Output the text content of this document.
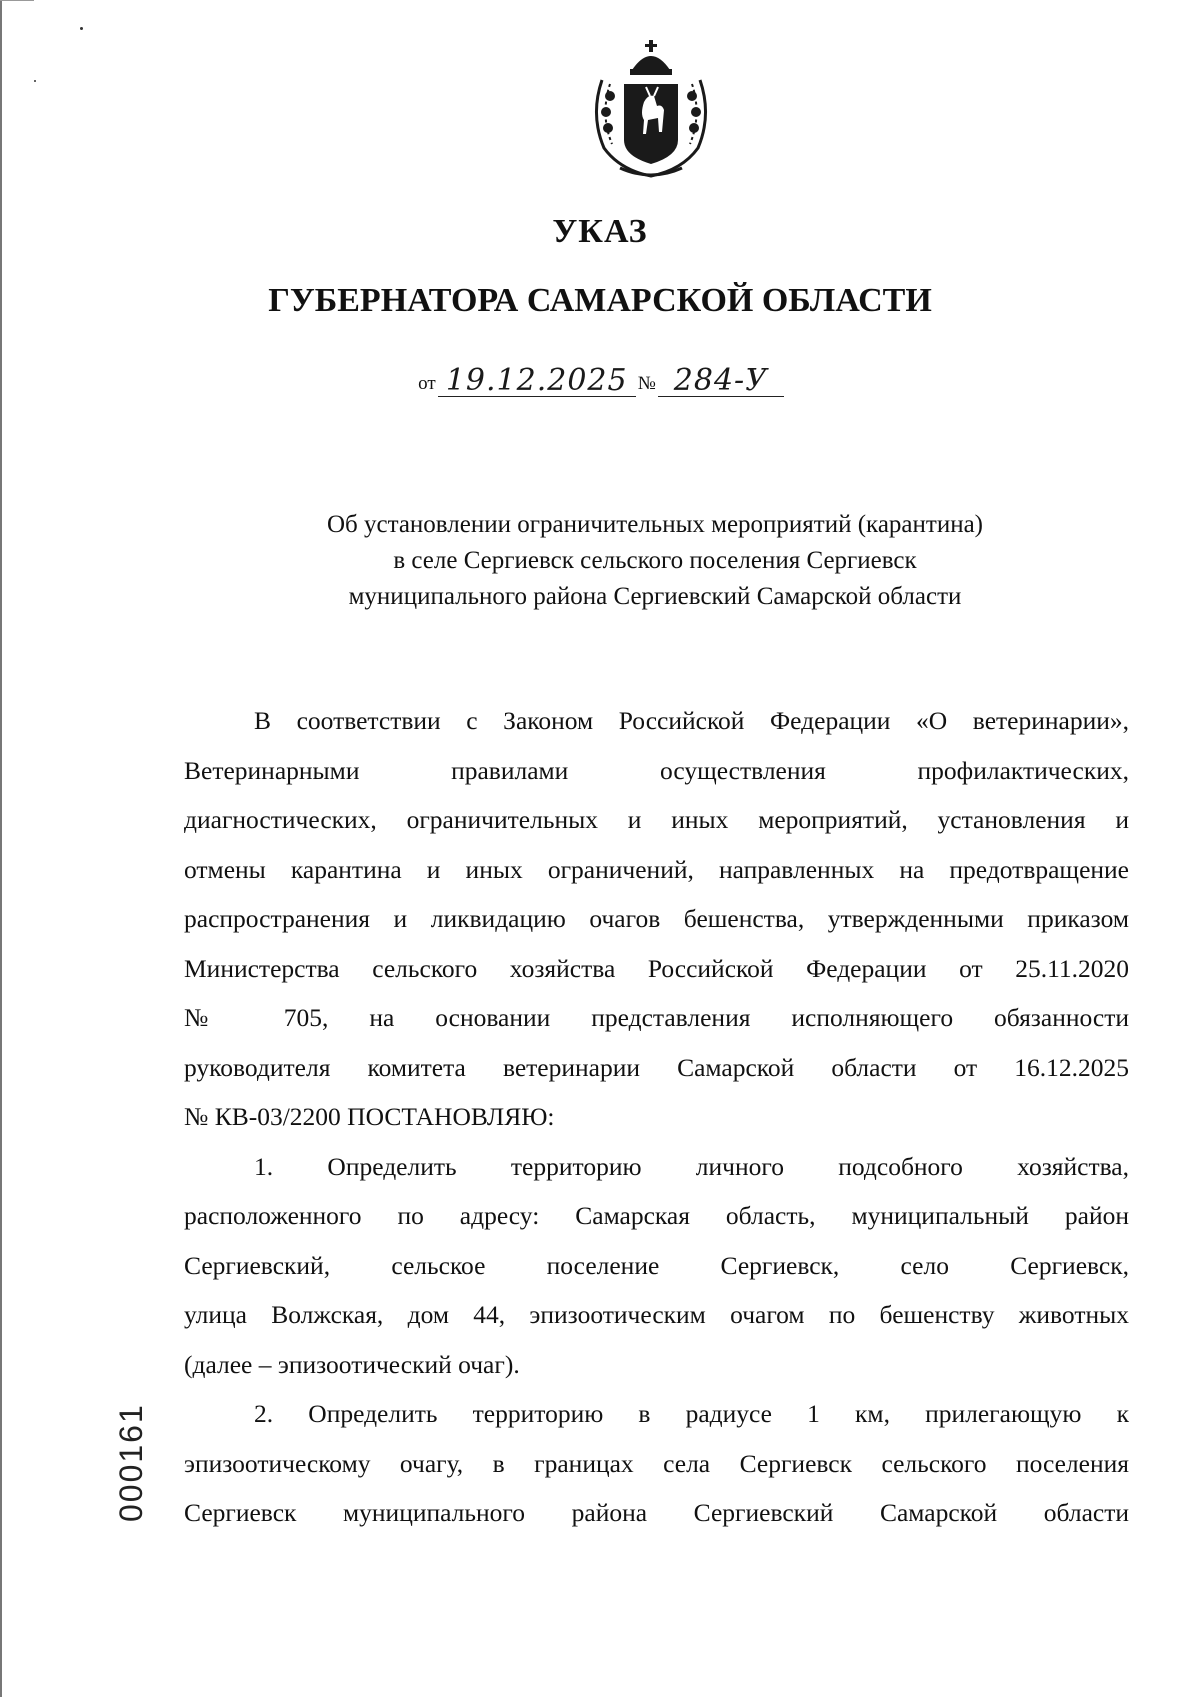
УКАЗ
ГУБЕРНАТОРА САМАРСКОЙ ОБЛАСТИ
от 19.12.2025 № 284-У
Об установлении ограничительных мероприятий (карантина)
в селе Сергиевск сельского поселения Сергиевск
муниципального района Сергиевский Самарской области

В соответствии с Законом Российской Федерации «О ветеринарии»,

Ветеринарными правилами осуществления профилактических,

диагностических, ограничительных и иных мероприятий, установления и

отмены карантина и иных ограничений, направленных на предотвращение

распространения и ликвидацию очагов бешенства, утвержденными приказом

Министерства сельского хозяйства Российской Федерации от 25.11.2020

№ 705, на основании представления исполняющего обязанности

руководителя комитета ветеринарии Самарской области от 16.12.2025

№ КВ-03/2200 ПОСТАНОВЛЯЮ:

1. Определить территорию личного подсобного хозяйства,

расположенного по адресу: Самарская область, муниципальный район

Сергиевский, сельское поселение Сергиевск, село Сергиевск,

улица Волжская, дом 44, эпизоотическим очагом по бешенству животных

(далее – эпизоотический очаг).

2. Определить территорию в радиусе 1 км, прилегающую к

эпизоотическому очагу, в границах села Сергиевск сельского поселения

Сергиевск муниципального района Сергиевский Самарской области

000161
